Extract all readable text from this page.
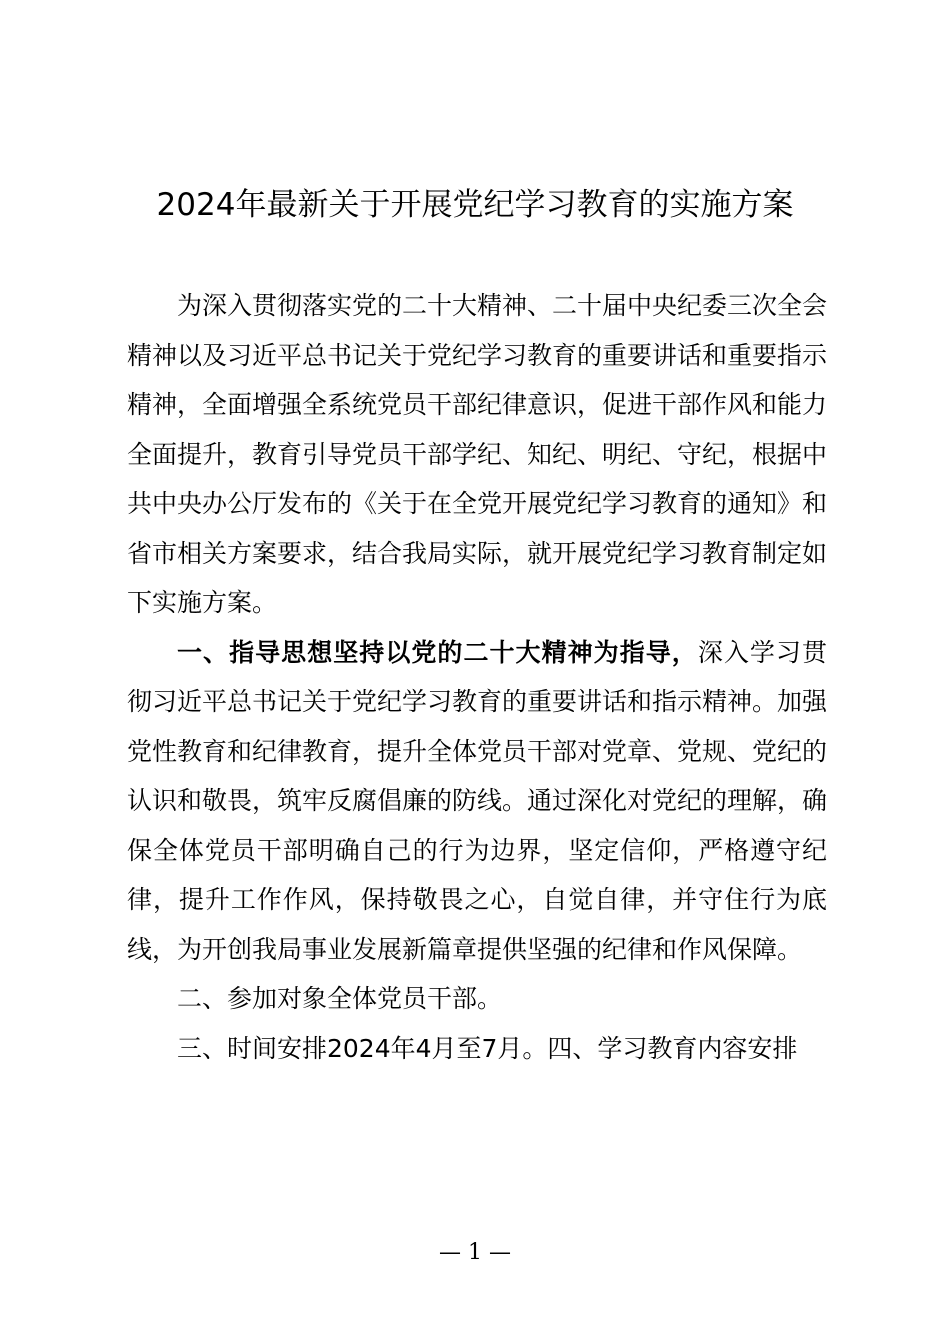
2024年最新关于开展党纪学习教育的实施方案

为深入贯彻落实党的二十大精神、二十届中央纪委三次全会精神以及习近平总书记关于党纪学习教育的重要讲话和重要指示精神，全面增强全系统党员干部纪律意识，促进干部作风和能力全面提升，教育引导党员干部学纪、知纪、明纪、守纪，根据中共中央办公厅发布的《关于在全党开展党纪学习教育的通知》和省市相关方案要求，结合我局实际，就开展党纪学习教育制定如下实施方案。

一、指导思想坚持以党的二十大精神为指导，深入学习贯彻习近平总书记关于党纪学习教育的重要讲话和指示精神。加强党性教育和纪律教育，提升全体党员干部对党章、党规、党纪的认识和敬畏，筑牢反腐倡廉的防线。通过深化对党纪的理解，确保全体党员干部明确自己的行为边界，坚定信仰，严格遵守纪律，提升工作作风，保持敬畏之心，自觉自律，并守住行为底线，为开创我局事业发展新篇章提供坚强的纪律和作风保障。

二、参加对象全体党员干部。

三、时间安排2024年4月至7月。四、学习教育内容安排

— 1 —
